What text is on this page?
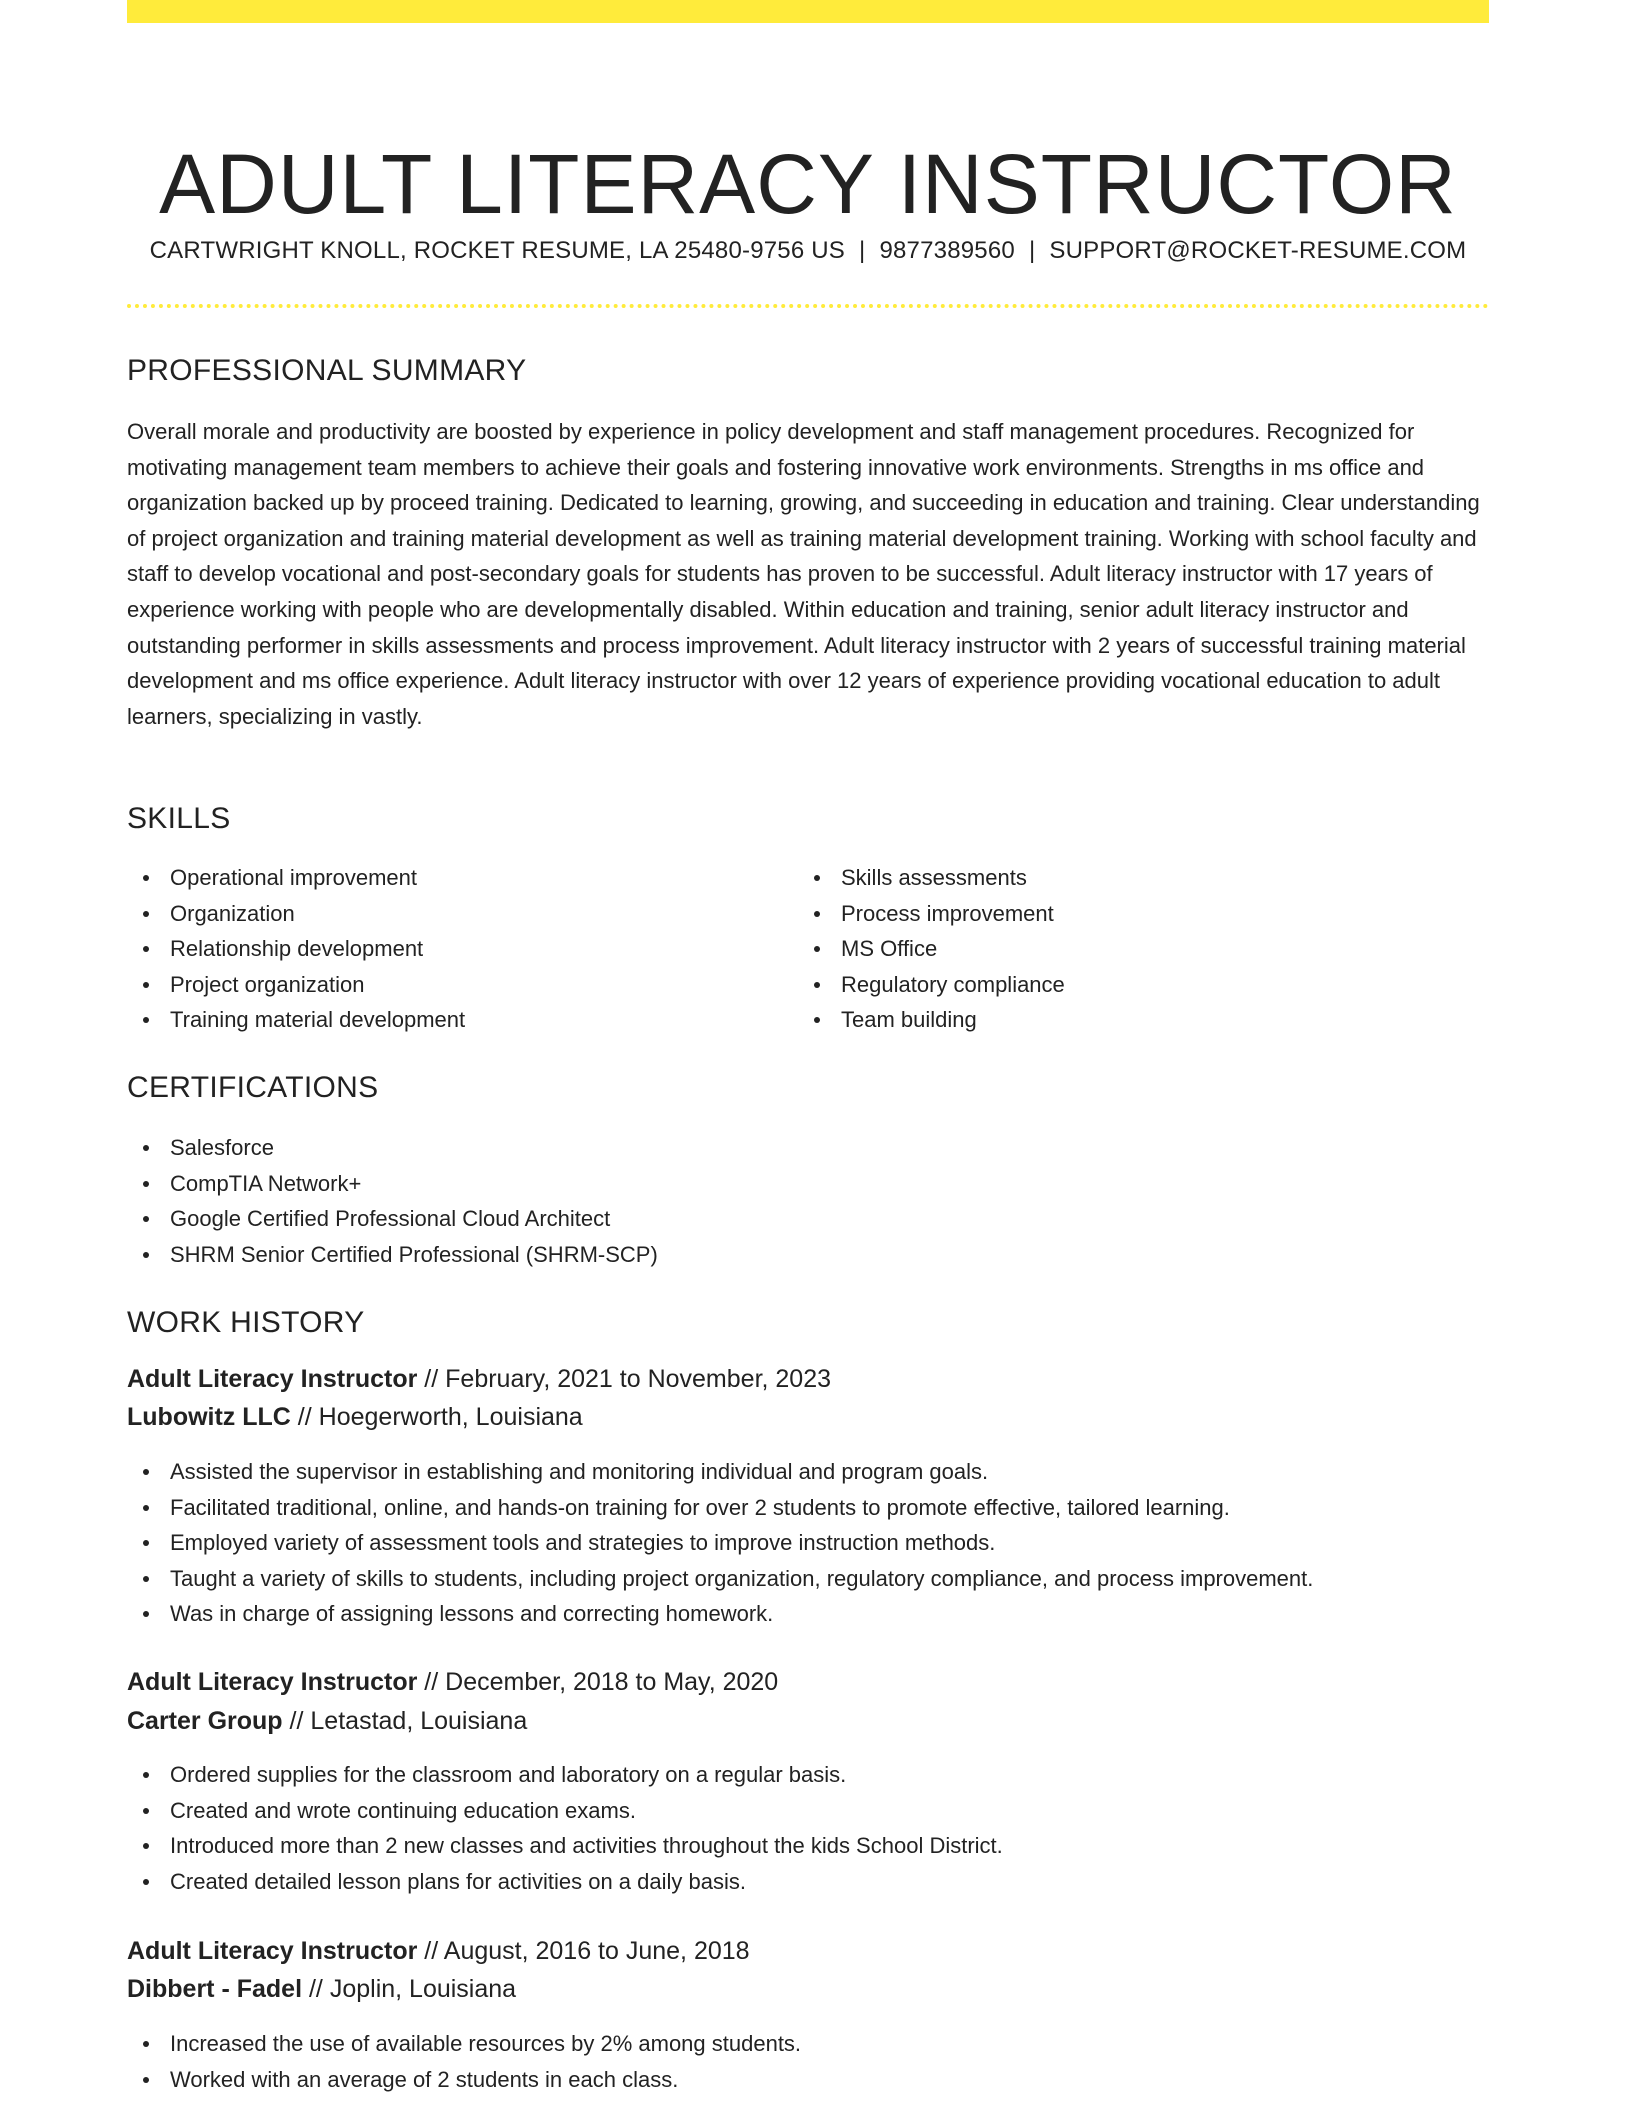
ADULT LITERACY INSTRUCTOR
CARTWRIGHT KNOLL, ROCKET RESUME, LA 25480-9756 US | 9877389560 | SUPPORT@ROCKET-RESUME.COM
PROFESSIONAL SUMMARY

Overall morale and productivity are boosted by experience in policy development and staff management procedures. Recognized for motivating management team members to achieve their goals and fostering innovative work environments. Strengths in ms office and organization backed up by proceed training. Dedicated to learning, growing, and succeeding in education and training. Clear understanding of project organization and training material development as well as training material development training. Working with school faculty and staff to develop vocational and post-secondary goals for students has proven to be successful. Adult literacy instructor with 17 years of experience working with people who are developmentally disabled. Within education and training, senior adult literacy instructor and outstanding performer in skills assessments and process improvement. Adult literacy instructor with 2 years of successful training material development and ms office experience. Adult literacy instructor with over 12 years of experience providing vocational education to adult learners, specializing in vastly.

SKILLS
Operational improvement
Organization
Relationship development
Project organization
Training material development
Skills assessments
Process improvement
MS Office
Regulatory compliance
Team building
CERTIFICATIONS
Salesforce
CompTIA Network+
Google Certified Professional Cloud Architect
SHRM Senior Certified Professional (SHRM-SCP)
WORK HISTORY
Adult Literacy Instructor // February, 2021 to November, 2023
Lubowitz LLC // Hoegerworth, Louisiana
Assisted the supervisor in establishing and monitoring individual and program goals.
Facilitated traditional, online, and hands-on training for over 2 students to promote effective, tailored learning.
Employed variety of assessment tools and strategies to improve instruction methods.
Taught a variety of skills to students, including project organization, regulatory compliance, and process improvement.
Was in charge of assigning lessons and correcting homework.
Adult Literacy Instructor // December, 2018 to May, 2020
Carter Group // Letastad, Louisiana
Ordered supplies for the classroom and laboratory on a regular basis.
Created and wrote continuing education exams.
Introduced more than 2 new classes and activities throughout the kids School District.
Created detailed lesson plans for activities on a daily basis.
Adult Literacy Instructor // August, 2016 to June, 2018
Dibbert - Fadel // Joplin, Louisiana
Increased the use of available resources by 2% among students.
Worked with an average of 2 students in each class.
